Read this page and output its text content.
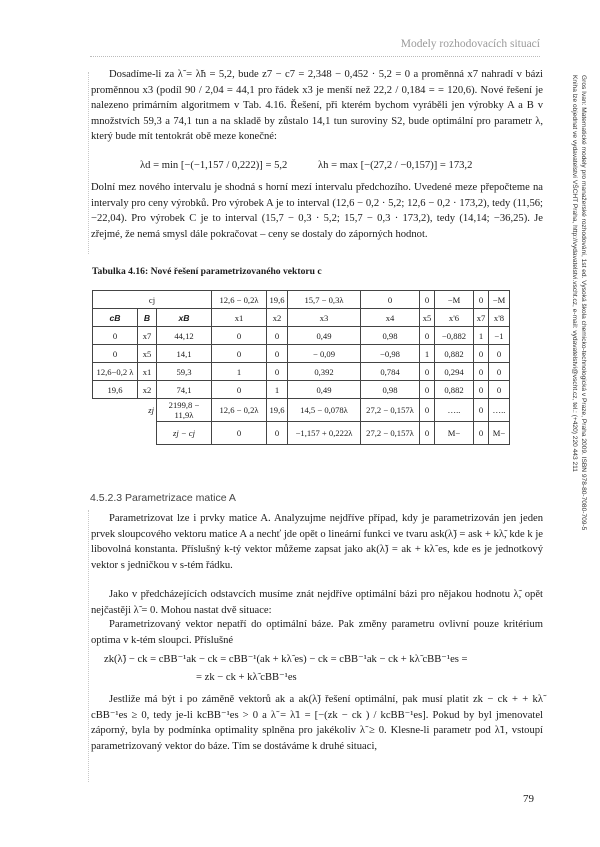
Modely rozhodovacích situací
Gros Ivan: Matematické modely pro manažerské rozhodování, 1st ed. Vysoká škola chemicko-technologická v Praze, Praha 2009. ISBN 978-80-7080-709-5
Kniha lze objednat ve vydavatelství VŠCHT Praha, http://vydavatelstvi.vscht.cz, e-mail: vydavatelstvi@vscht.cz, tel.: (+420) 220 443 211

Dosadíme-li za λ̃ = λ̃h = 5,2, bude z7 − c7 = 2,348 − 0,452 · 5,2 = 0 a proměnná x7 nahradí v bázi proměnnou x3 (podíl 90 / 2,04 = 44,1 pro řádek x3 je menší než 22,2 / 0,184 = = 120,6). Nové řešení je nalezeno primárním algoritmem v Tab. 4.16. Řešení, při kterém bychom vyráběli jen výrobky A a B v množstvích 59,3 a 74,1 tun a na skladě by zůstalo 14,1 tun suroviny S2, bude optimální pro parametr λ, který bude mít tentokrát obě meze konečné:

λd = min [−(−1,157 / 0,222)] = 5,2	λh = max [−(27,2 / −0,157)] = 173,2

Dolní mez nového intervalu je shodná s horní mezí intervalu předchozího. Uvedené meze přepočteme na intervaly pro ceny výrobků. Pro výrobek A je to interval (12,6 − 0,2 · 5,2; 12,6 − 0,2 · 173,2), tedy (11,56; −22,04). Pro výrobek C je to interval (15,7 − 0,3 · 5,2; 15,7 − 0,3 · 173,2), tedy (14,14; −36,25). Je zřejmé, že nemá smysl dále pokračovat – ceny se dostaly do záporných hodnot.

Tabulka 4.16: Nové řešení parametrizovaného vektoru c

cj			12,6 − 0,2λ	19,6	15,7 − 0,3λ	0	0	−M	0	−M
cB	B	xB	x1	x2	x3	x4	x5	x'6	x7	x'8
0	x7	44,12	0	0	0,49	0,98	0	−0,882	1	−1
0	x5	14,1	0	0	− 0,09	−0,98	1	0,882	0	0
12,6−0,2 λ	x1	59,3	1	0	0,392	0,784	0	0,294	0	0
19,6	x2	74,1	0	1	0,49	0,98	0	0,882	0	0
zj		2199,8 − 11,9λ	12,6 − 0,2λ	19,6	14,5 − 0,078λ	27,2 − 0,157λ	0	…..	0	…..
		zj − cj	0	0	−1,157 + 0,222λ	27,2 − 0,157λ	0	M−	0	M−

4.5.2.3 Parametrizace matice A

Parametrizovat lze i prvky matice A. Analyzujme nejdříve případ, kdy je parametrizován jen jeden prvek sloupcového vektoru matice A a nechť jde opět o lineární funkci ve tvaru ask(λ̃) = ask + kλ̃, kde k je libovolná konstanta. Příslušný k-tý vektor můžeme zapsat jako ak(λ̃) = ak + kλ̃ es, kde es je jednotkový vektor s jedničkou v s-tém řádku.

Jako v předcházejících odstavcích musíme znát nejdříve optimální bázi pro nějakou hodnotu λ̃, opět nejčastěji λ̃ = 0. Mohou nastat dvě situace:

Parametrizovaný vektor nepatří do optimální báze. Pak změny parametru ovlivní pouze kritérium optima v k-tém sloupci. Příslušné

zk(λ̃) − ck = cBB⁻¹ak − ck = cBB⁻¹(ak + kλ̃ es) − ck = cBB⁻¹ak − ck + kλ̃ cBB⁻¹es =

= zk − ck + kλ̃ cBB⁻¹es

Jestliže má být i po záměně vektorů ak a ak(λ̃) řešení optimální, pak musí platit zk − ck + + kλ̃ cBB⁻¹es ≥ 0, tedy je-li kcBB⁻¹es > 0 a λ̃ = λ̃1 = [−(zk − ck ) / kcBB⁻¹es]. Pokud by byl jmenovatel záporný, byla by podmínka optimality splněna pro jakékoliv λ̃ ≥ 0. Klesne-li parametr pod λ̃1, vstoupí parametrizovaný vektor do báze. Tím se dostáváme k druhé situaci,

79
